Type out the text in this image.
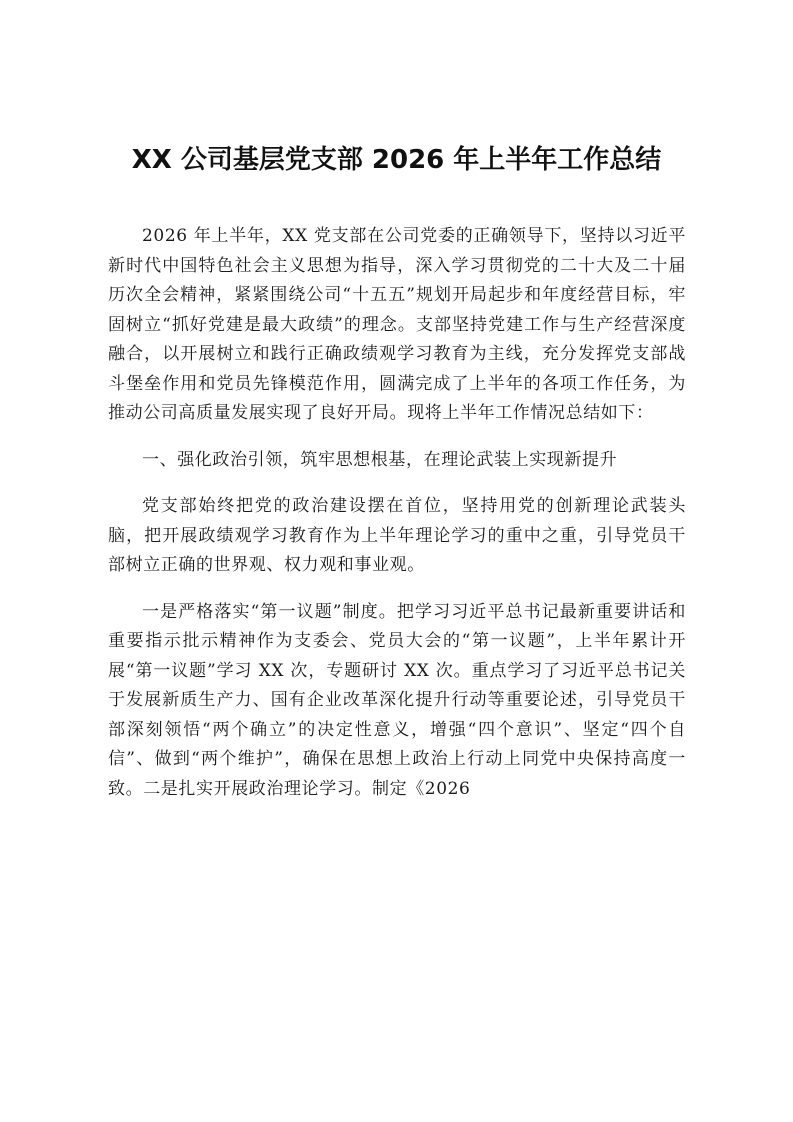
XX 公司基层党支部 2026 年上半年工作总结

2026 年上半年，XX 党支部在公司党委的正确领导下，坚持以习近平新时代中国特色社会主义思想为指导，深入学习贯彻党的二十大及二十届历次全会精神，紧紧围绕公司“十五五”规划开局起步和年度经营目标，牢固树立“抓好党建是最大政绩”的理念。支部坚持党建工作与生产经营深度融合，以开展树立和践行正确政绩观学习教育为主线，充分发挥党支部战斗堡垒作用和党员先锋模范作用，圆满完成了上半年的各项工作任务，为推动公司高质量发展实现了良好开局。现将上半年工作情况总结如下：

一、强化政治引领，筑牢思想根基，在理论武装上实现新提升

党支部始终把党的政治建设摆在首位，坚持用党的创新理论武装头脑，把开展政绩观学习教育作为上半年理论学习的重中之重，引导党员干部树立正确的世界观、权力观和事业观。

一是严格落实“第一议题”制度。把学习习近平总书记最新重要讲话和重要指示批示精神作为支委会、党员大会的“第一议题”，上半年累计开展“第一议题”学习 XX 次，专题研讨 XX 次。重点学习了习近平总书记关于发展新质生产力、国有企业改革深化提升行动等重要论述，引导党员干部深刻领悟“两个确立”的决定性意义，增强“四个意识”、坚定“四个自信”、做到“两个维护”，确保在思想上政治上行动上同党中央保持高度一致。二是扎实开展政治理论学习。制定《2026
